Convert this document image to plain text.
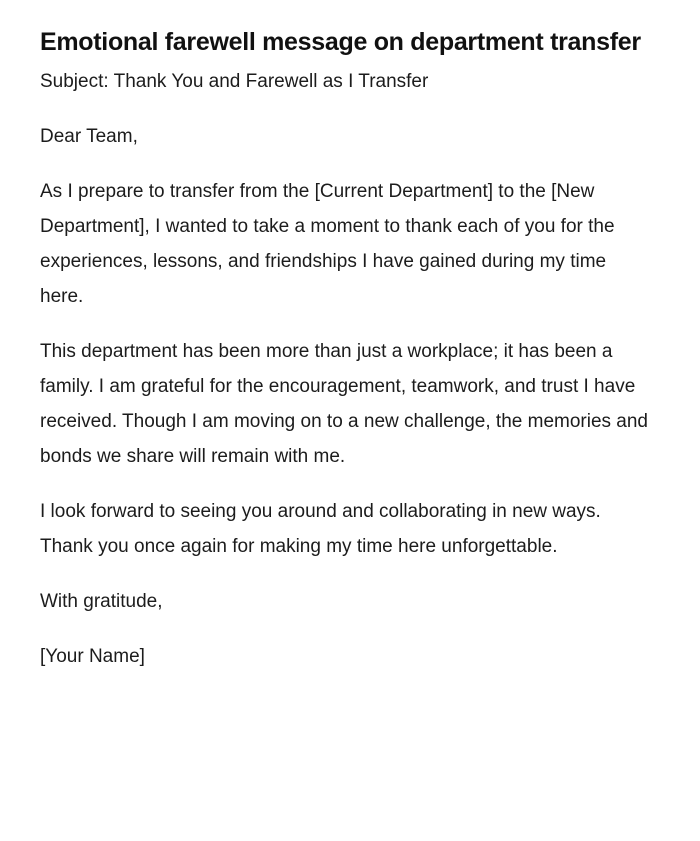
Emotional farewell message on department transfer

Subject: Thank You and Farewell as I Transfer

Dear Team,

As I prepare to transfer from the [Current Department] to the [New Department], I wanted to take a moment to thank each of you for the experiences, lessons, and friendships I have gained during my time here.

This department has been more than just a workplace; it has been a family. I am grateful for the encouragement, teamwork, and trust I have received. Though I am moving on to a new challenge, the memories and bonds we share will remain with me.

I look forward to seeing you around and collaborating in new ways. Thank you once again for making my time here unforgettable.

With gratitude,

[Your Name]
